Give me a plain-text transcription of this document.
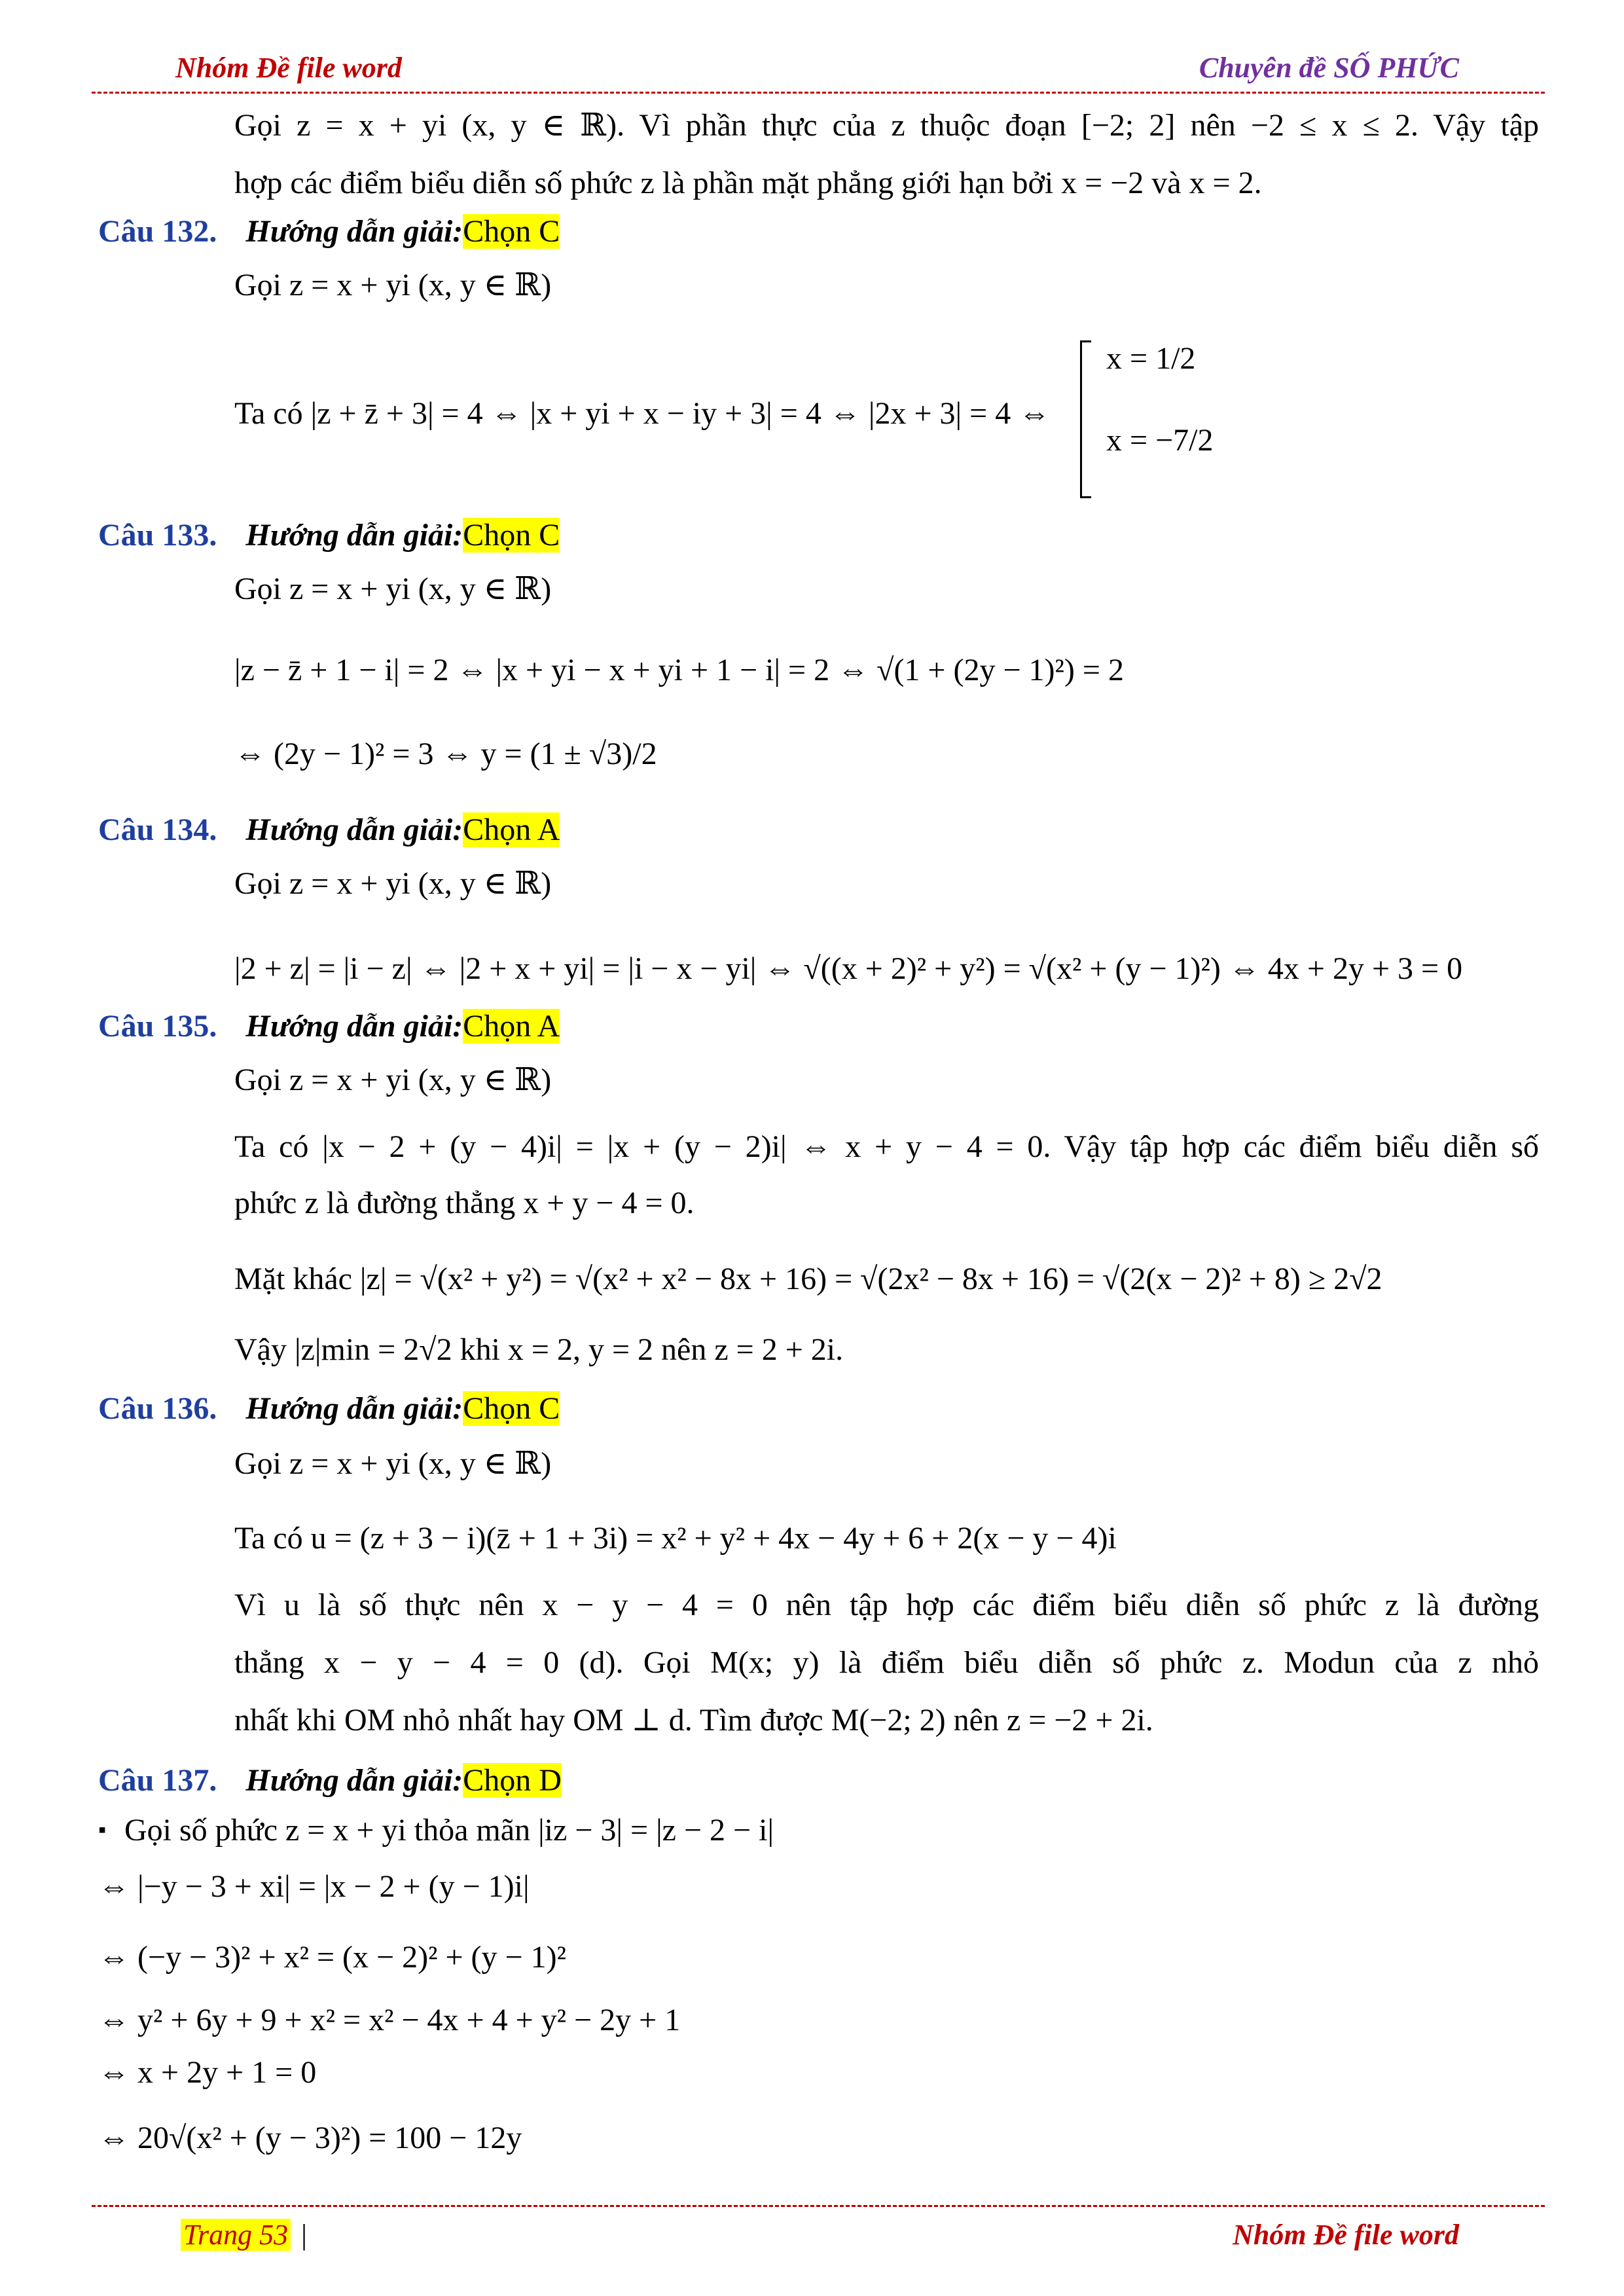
Nhóm Đề file word	Chuyên đề SỐ PHỨC
Gọi z = x + yi (x, y ∈ ℝ). Vì phần thực của z thuộc đoạn [−2; 2] nên −2 ≤ x ≤ 2. Vậy tập
hợp các điểm biểu diễn số phức z là phần mặt phẳng giới hạn bởi x = −2 và x = 2.
Câu 132. Hướng dẫn giải:Chọn C
Gọi z = x + yi (x, y ∈ ℝ)
Ta có |z + z̄ + 3| = 4 ⇔ |x + yi + x − iy + 3| = 4 ⇔ |2x + 3| = 4 ⇔
x = 1/2
x = −7/2
Câu 133. Hướng dẫn giải:Chọn C
Gọi z = x + yi (x, y ∈ ℝ)
|z − z̄ + 1 − i| = 2 ⇔ |x + yi − x + yi + 1 − i| = 2 ⇔ √(1 + (2y − 1)²) = 2
⇔ (2y − 1)² = 3 ⇔ y = (1 ± √3)/2
Câu 134. Hướng dẫn giải:Chọn A
Gọi z = x + yi (x, y ∈ ℝ)
|2 + z| = |i − z| ⇔ |2 + x + yi| = |i − x − yi| ⇔ √((x + 2)² + y²) = √(x² + (y − 1)²) ⇔ 4x + 2y + 3 = 0
Câu 135. Hướng dẫn giải:Chọn A
Gọi z = x + yi (x, y ∈ ℝ)
Ta có |x − 2 + (y − 4)i| = |x + (y − 2)i| ⇔ x + y − 4 = 0. Vậy tập hợp các điểm biểu diễn số
phức z là đường thẳng x + y − 4 = 0.
Mặt khác |z| = √(x² + y²) = √(x² + x² − 8x + 16) = √(2x² − 8x + 16) = √(2(x − 2)² + 8) ≥ 2√2
Vậy |z|min = 2√2 khi x = 2, y = 2 nên z = 2 + 2i.
Câu 136. Hướng dẫn giải:Chọn C
Gọi z = x + yi (x, y ∈ ℝ)
Ta có u = (z + 3 − i)(z̄ + 1 + 3i) = x² + y² + 4x − 4y + 6 + 2(x − y − 4)i
Vì u là số thực nên x − y − 4 = 0 nên tập hợp các điểm biểu diễn số phức z là đường
thẳng x − y − 4 = 0 (d). Gọi M(x; y) là điểm biểu diễn số phức z. Modun của z nhỏ
nhất khi OM nhỏ nhất hay OM ⊥ d. Tìm được M(−2; 2) nên z = −2 + 2i.
Câu 137. Hướng dẫn giải:Chọn D
▪ Gọi số phức z = x + yi thỏa mãn |iz − 3| = |z − 2 − i|
⇔ |−y − 3 + xi| = |x − 2 + (y − 1)i|
⇔ (−y − 3)² + x² = (x − 2)² + (y − 1)²
⇔ y² + 6y + 9 + x² = x² − 4x + 4 + y² − 2y + 1
⇔ x + 2y + 1 = 0
⇔ 20√(x² + (y − 3)²) = 100 − 12y
Trang 53 |	Nhóm Đề file word
